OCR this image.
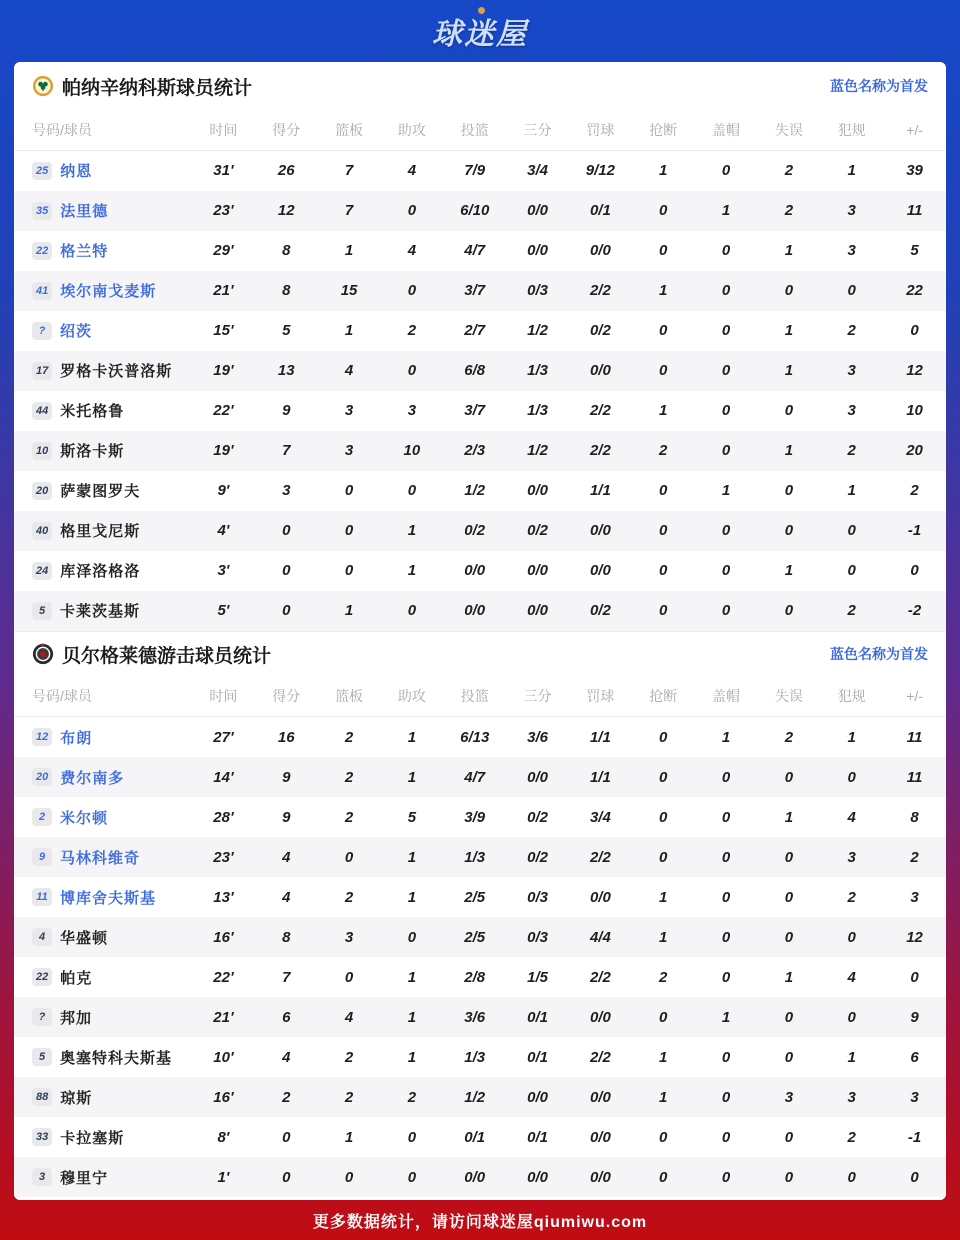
球迷屋
帕纳辛纳科斯球员统计	蓝色名称为首发
号码/球员	时间	得分	篮板	助攻	投篮	三分	罚球	抢断	盖帽	失误	犯规	+/-

25 纳恩	31'	26	7	4	7/9	3/4	9/12	1	0	2	1	39

35 法里德	23'	12	7	0	6/10	0/0	0/1	0	1	2	3	11

22 格兰特	29'	8	1	4	4/7	0/0	0/0	0	0	1	3	5

41 埃尔南戈麦斯	21'	8	15	0	3/7	0/3	2/2	1	0	0	0	22

? 绍茨	15'	5	1	2	2/7	1/2	0/2	0	0	1	2	0

17 罗格卡沃普洛斯	19'	13	4	0	6/8	1/3	0/0	0	0	1	3	12

44 米托格鲁	22'	9	3	3	3/7	1/3	2/2	1	0	0	3	10

10 斯洛卡斯	19'	7	3	10	2/3	1/2	2/2	2	0	1	2	20

20 萨蒙图罗夫	9'	3	0	0	1/2	0/0	1/1	0	1	0	1	2

40 格里戈尼斯	4'	0	0	1	0/2	0/2	0/0	0	0	0	0	-1

24 库泽洛格洛	3'	0	0	1	0/0	0/0	0/0	0	0	1	0	0

5 卡莱茨基斯	5'	0	1	0	0/0	0/0	0/2	0	0	0	2	-2
贝尔格莱德游击球员统计	蓝色名称为首发
号码/球员	时间	得分	篮板	助攻	投篮	三分	罚球	抢断	盖帽	失误	犯规	+/-

12 布朗	27'	16	2	1	6/13	3/6	1/1	0	1	2	1	11

20 费尔南多	14'	9	2	1	4/7	0/0	1/1	0	0	0	0	11

2 米尔顿	28'	9	2	5	3/9	0/2	3/4	0	0	1	4	8

9 马林科维奇	23'	4	0	1	1/3	0/2	2/2	0	0	0	3	2

11 博库舍夫斯基	13'	4	2	1	2/5	0/3	0/0	1	0	0	2	3

4 华盛顿	16'	8	3	0	2/5	0/3	4/4	1	0	0	0	12

22 帕克	22'	7	0	1	2/8	1/5	2/2	2	0	1	4	0

? 邦加	21'	6	4	1	3/6	0/1	0/0	0	1	0	0	9

5 奥塞特科夫斯基	10'	4	2	1	1/3	0/1	2/2	1	0	0	1	6

88 琼斯	16'	2	2	2	1/2	0/0	0/0	1	0	3	3	3

33 卡拉塞斯	8'	0	1	0	0/1	0/1	0/0	0	0	0	2	-1

3 穆里宁	1'	0	0	0	0/0	0/0	0/0	0	0	0	0	0
更多数据统计，请访问球迷屋qiumiwu.com
